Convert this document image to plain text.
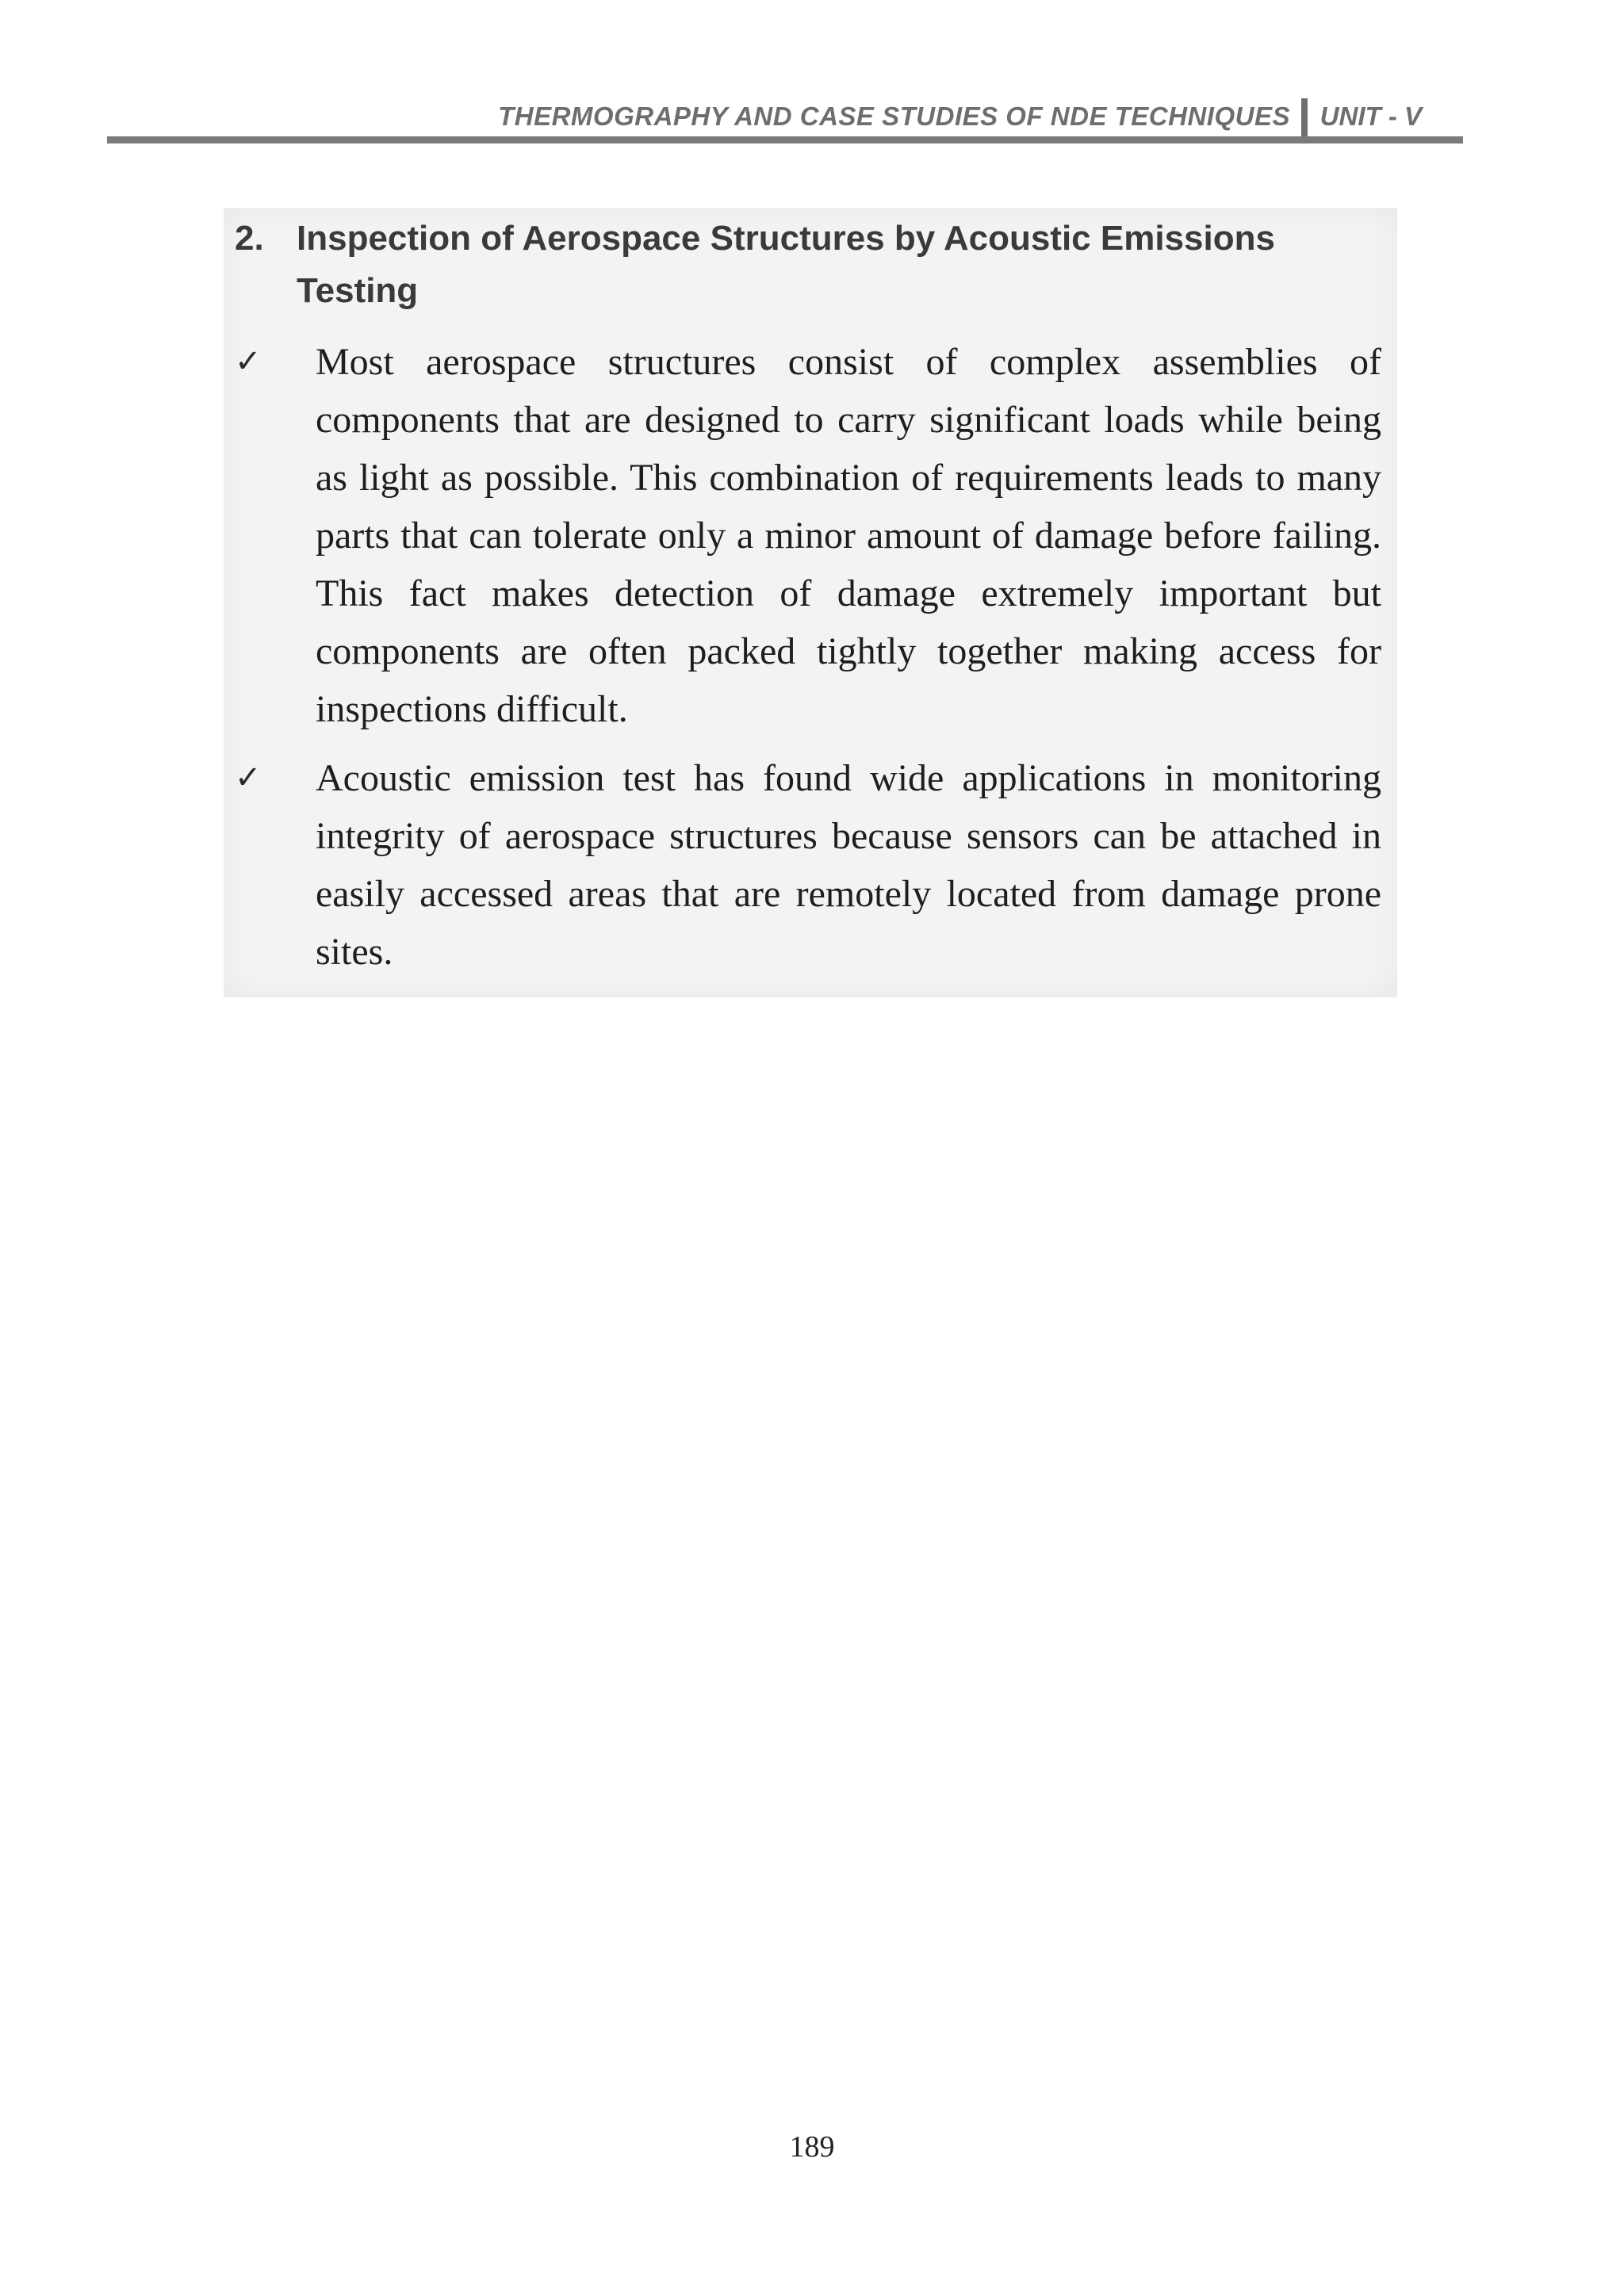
THERMOGRAPHY AND CASE STUDIES OF NDE TECHNIQUES UNIT - V
2. Inspection of Aerospace Structures by Acoustic Emissions Testing
✓ Most aerospace structures consist of complex assemblies of components that are designed to carry significant loads while being as light as possible. This combination of requirements leads to many parts that can tolerate only a minor amount of damage before failing. This fact makes detection of damage extremely important but components are often packed tightly together making access for inspections difficult.
✓ Acoustic emission test has found wide applications in monitoring integrity of aerospace structures because sensors can be attached in easily accessed areas that are remotely located from damage prone sites.
189
